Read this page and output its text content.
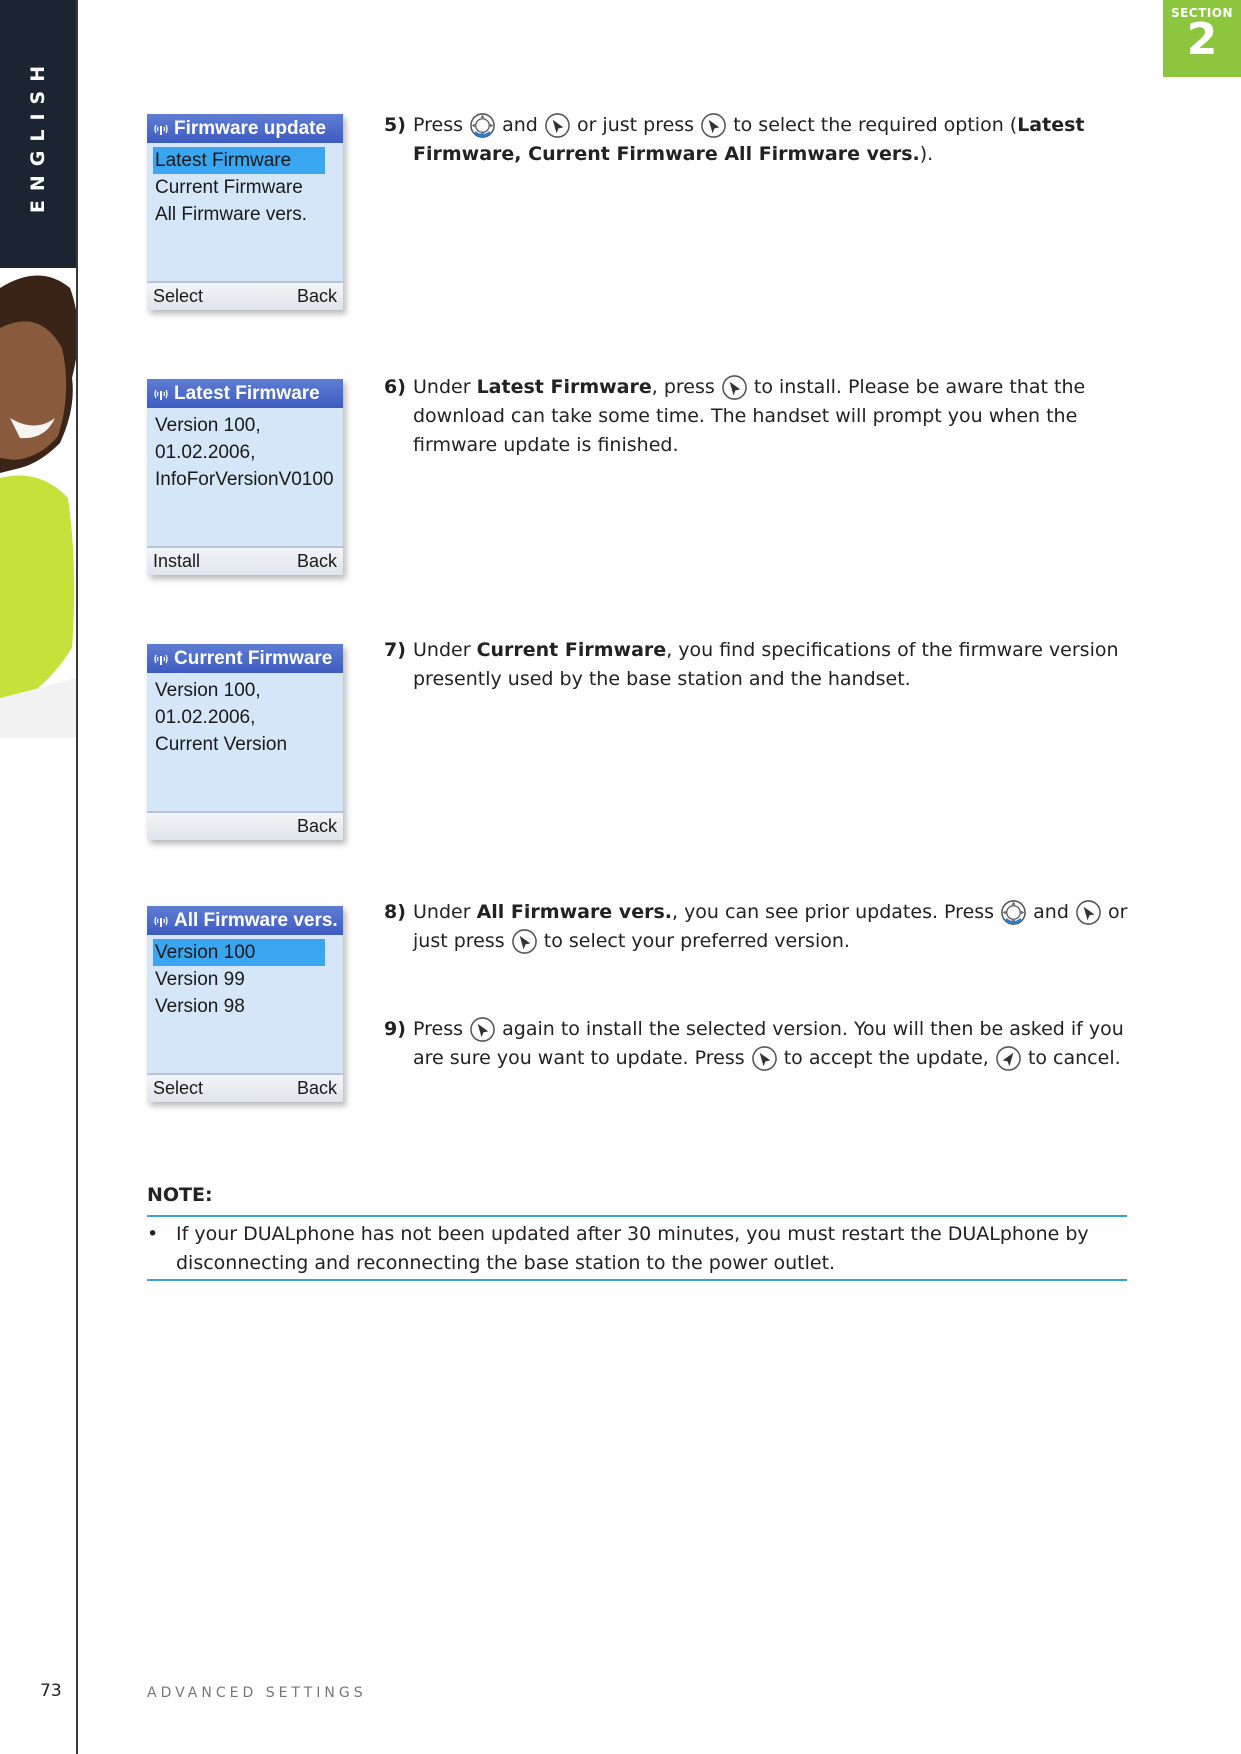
ENGLISH
SECTION
2
Firmware update
Latest Firmware
Current Firmware
All Firmware vers.
Select	Back
Latest Firmware
Version 100,
01.02.2006,
InfoForVersionV0100
Install	Back
Current Firmware
Version 100,
01.02.2006,
Current Version
Back
All Firmware vers.
Version 100
Version 99
Version 98
Select	Back
5) Press and or just press to select the required option (Latest Firmware, Current Firmware All Firmware vers.).
6) Under Latest Firmware, press to install. Please be aware that the download can take some time. The handset will prompt you when the firmware update is finished.
7) Under Current Firmware, you find specifications of the firmware version presently used by the base station and the handset.
8) Under All Firmware vers., you can see prior updates. Press and or just press to select your preferred version.
9) Press again to install the selected version. You will then be asked if you are sure you want to update. Press to accept the update, to cancel.
NOTE:
• If your DUALphone has not been updated after 30 minutes, you must restart the DUALphone by disconnecting and reconnecting the base station to the power outlet.
73	ADVANCED SETTINGS
